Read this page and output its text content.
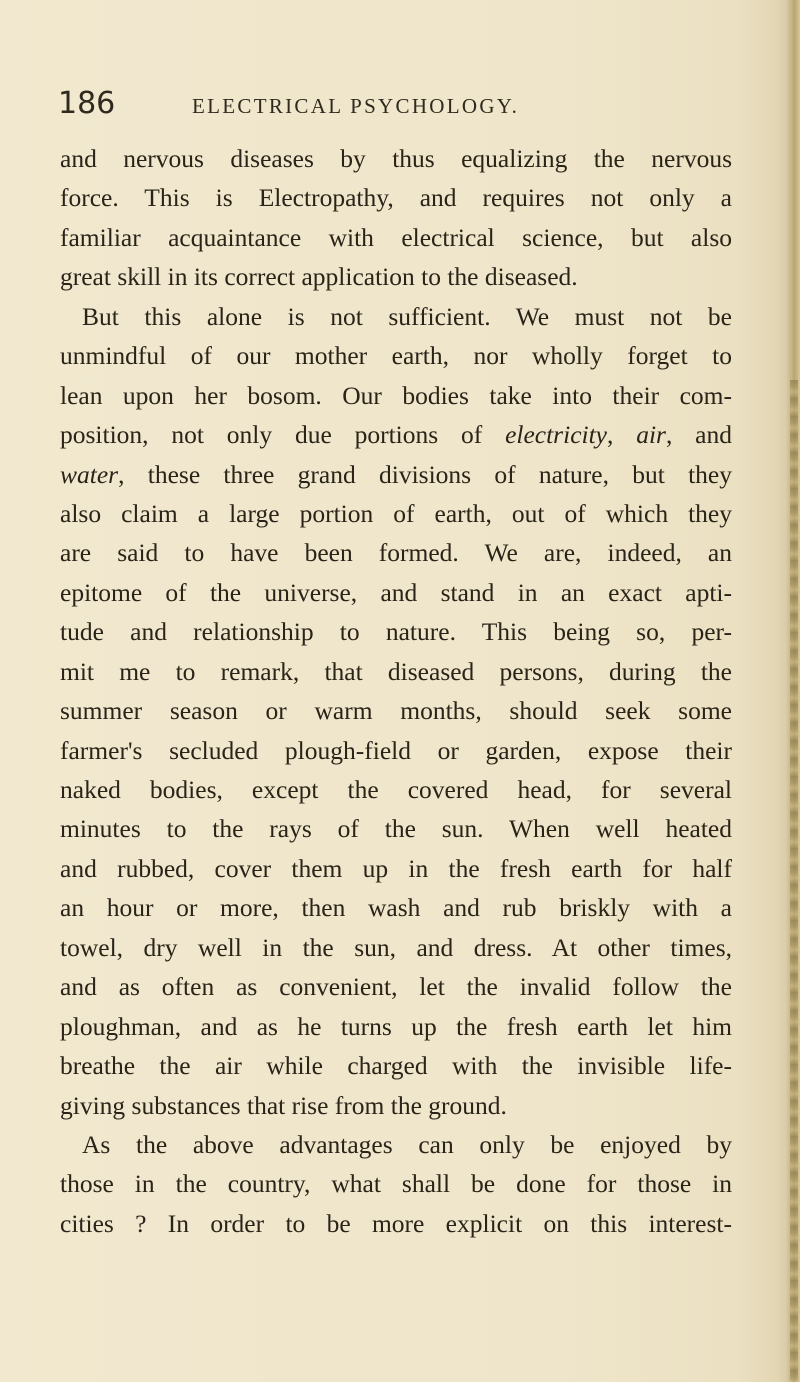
186	ELECTRICAL PSYCHOLOGY.
and nervous diseases by thus equalizing the nervous
force. This is Electropathy, and requires not only a
familiar acquaintance with electrical science, but also
great skill in its correct application to the diseased.
But this alone is not sufficient. We must not be
unmindful of our mother earth, nor wholly forget to
lean upon her bosom. Our bodies take into their com-
position, not only due portions of electricity, air, and
water, these three grand divisions of nature, but they
also claim a large portion of earth, out of which they
are said to have been formed. We are, indeed, an
epitome of the universe, and stand in an exact apti-
tude and relationship to nature. This being so, per-
mit me to remark, that diseased persons, during the
summer season or warm months, should seek some
farmer's secluded plough-field or garden, expose their
naked bodies, except the covered head, for several
minutes to the rays of the sun. When well heated
and rubbed, cover them up in the fresh earth for half
an hour or more, then wash and rub briskly with a
towel, dry well in the sun, and dress. At other times,
and as often as convenient, let the invalid follow the
ploughman, and as he turns up the fresh earth let him
breathe the air while charged with the invisible life-
giving substances that rise from the ground.
As the above advantages can only be enjoyed by
those in the country, what shall be done for those in
cities ? In order to be more explicit on this interest-
